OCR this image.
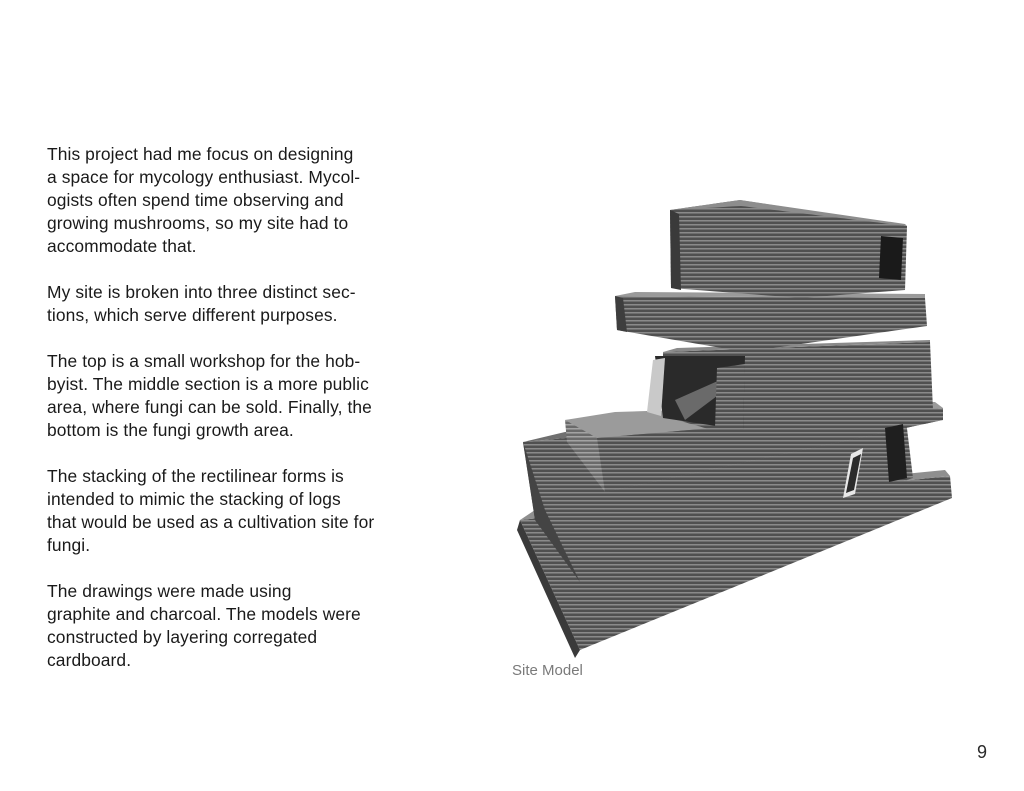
This project had me focus on designing
a space for mycology enthusiast. Mycol-
ogists often spend time observing and
growing mushrooms, so my site had to
accommodate that.

My site is broken into three distinct sec-
tions, which serve different purposes.

The top is a small workshop for the hob-
byist. The middle section is a more public
area, where fungi can be sold. Finally, the
bottom is the fungi growth area.

The stacking of the rectilinear forms is
intended to mimic the stacking of logs
that would be used as a cultivation site for
fungi.

The drawings were made using
graphite and charcoal. The models were
constructed by layering corregated
cardboard.

Site Model
9
